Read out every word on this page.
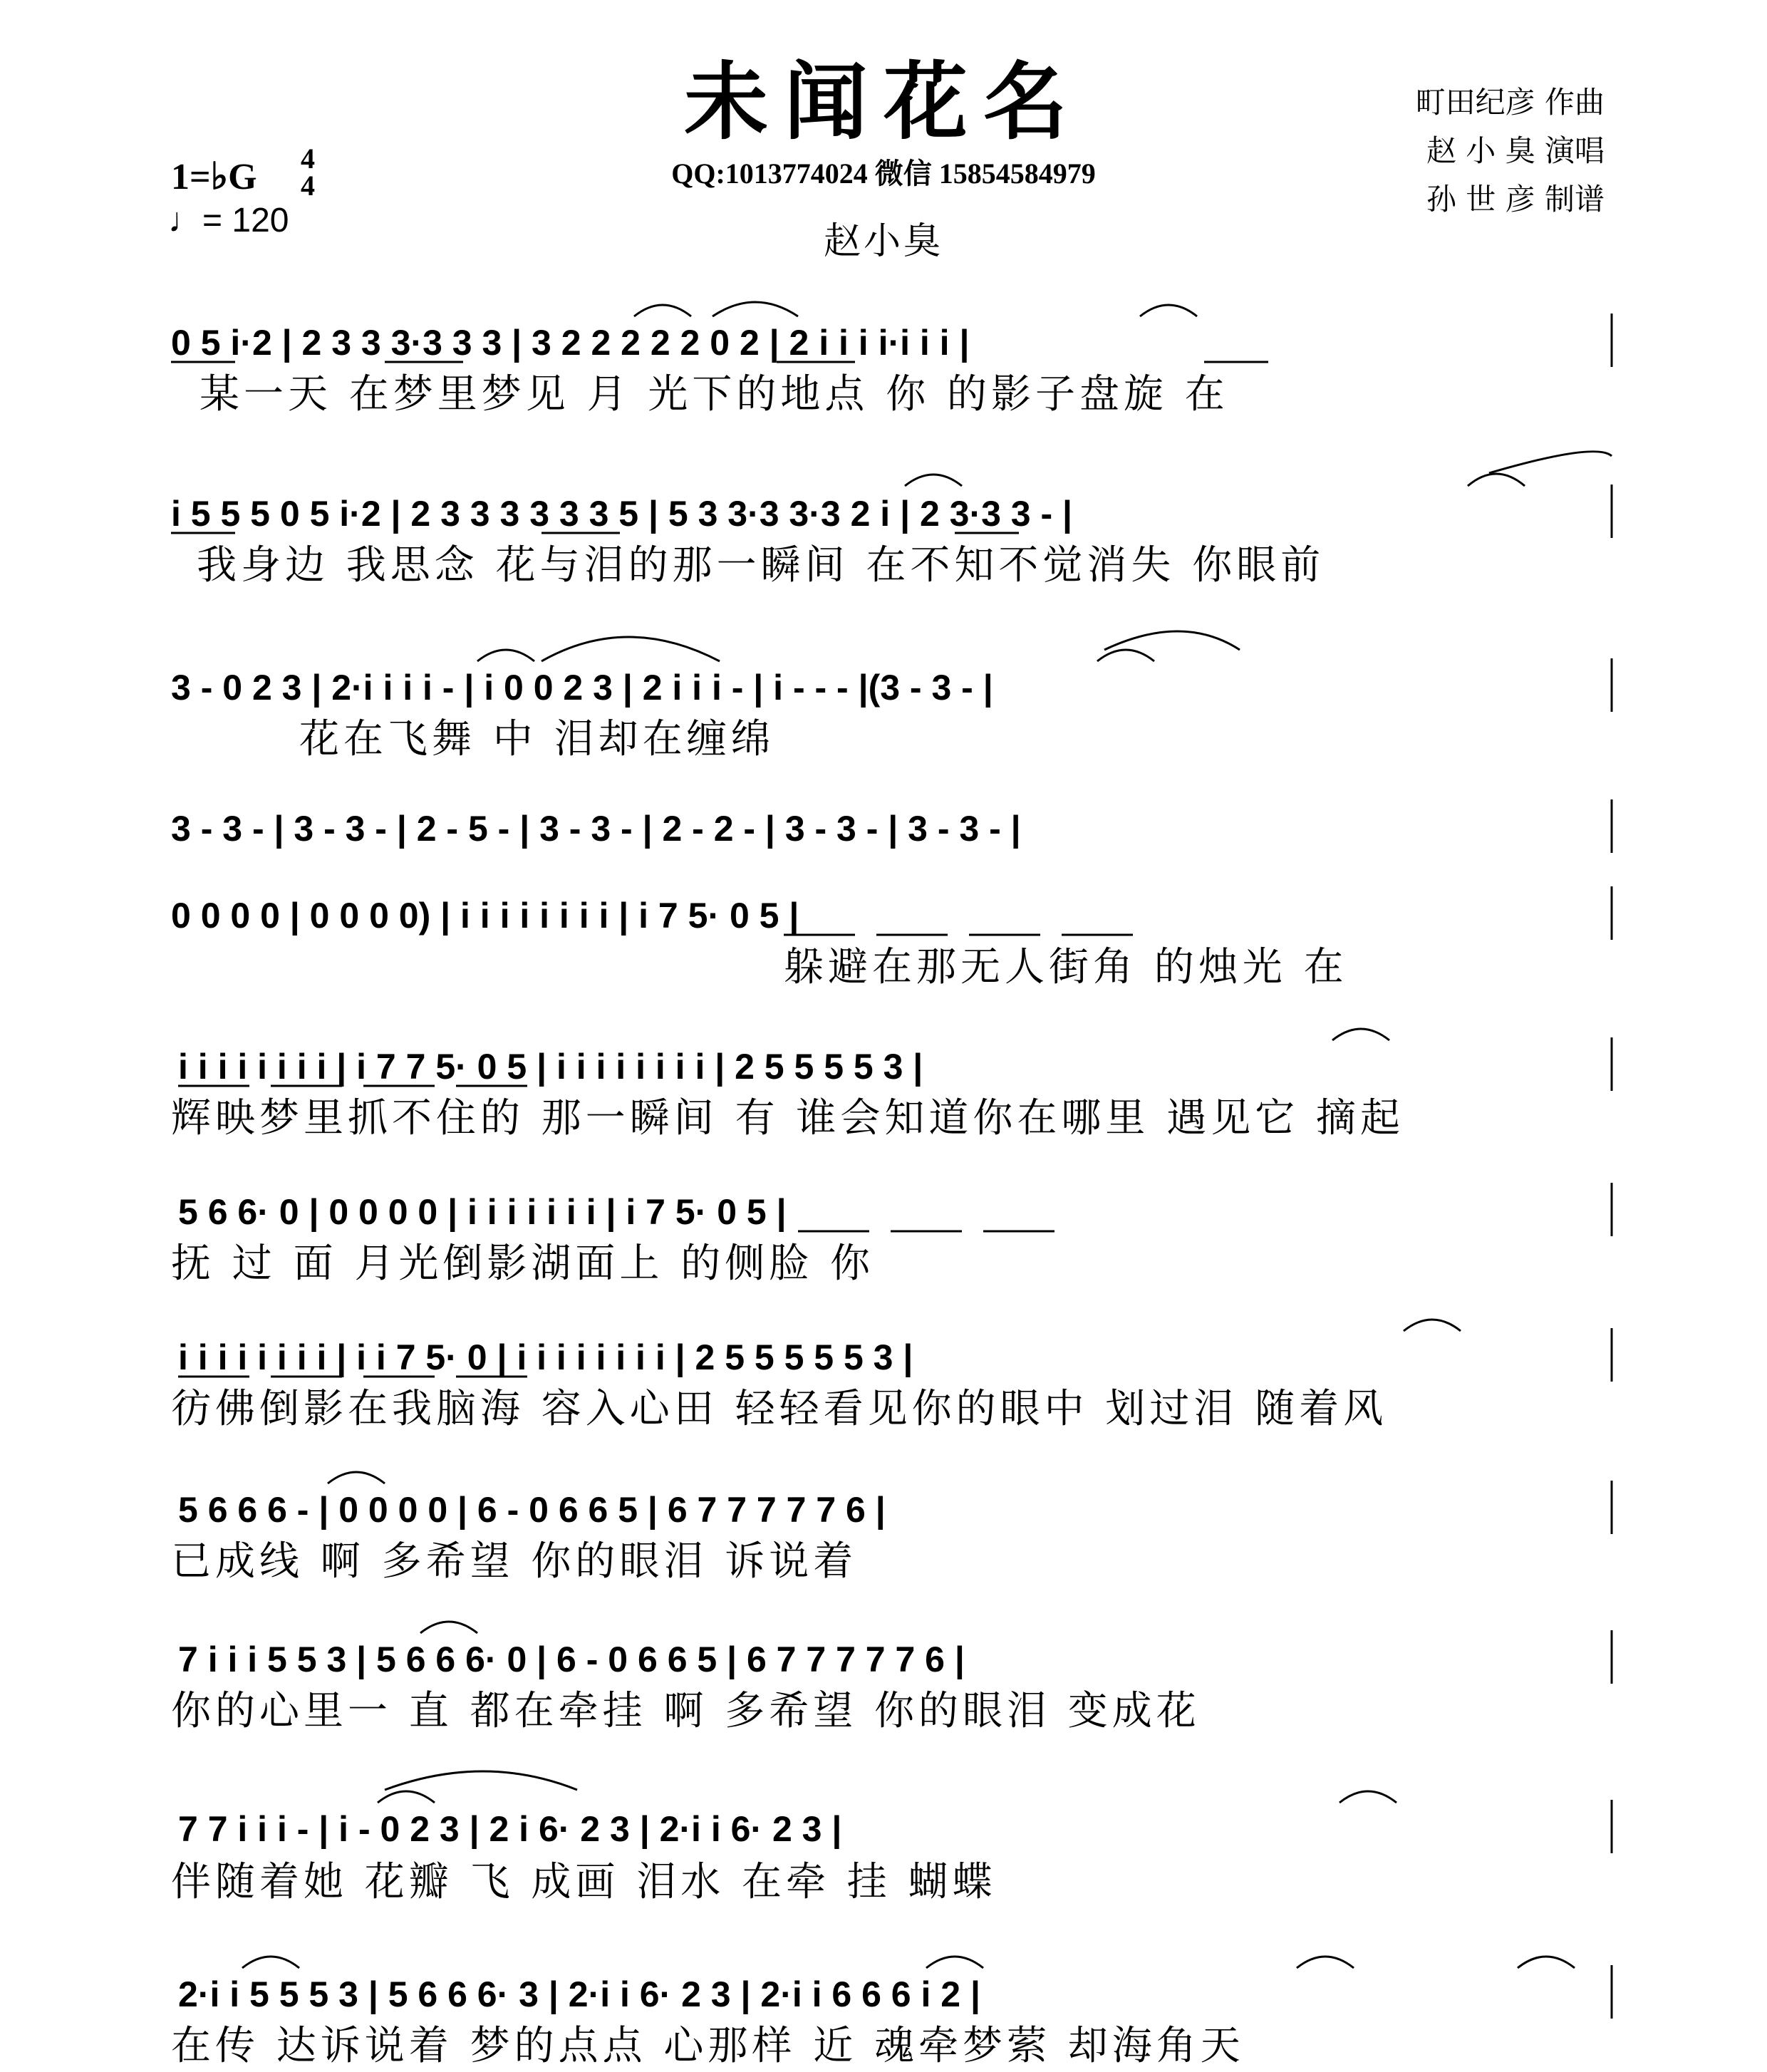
未闻花名
QQ:1013774024 微信 15854584979
赵小臭
町田纪彦 作曲
赵 小 臭 演唱
孙 世 彦 制谱
1=♭G 4
4
♩= 120
0 5 i·2 | 2 3 3 3·3 3 3 | 3 2 2 2 2 2 0 2 | 2 i i i i·i i i |
某一天 在梦里梦见 月 光下的地点 你 的影子盘旋 在
i 5 5 5 0 5 i·2 | 2 3 3 3 3 3 3 5 | 5 3 3·3 3·3 2 i | 2 3·3 3 - |
我身边 我思念 花与泪的那一瞬间 在不知不觉消失 你眼前
3 - 0 2 3 | 2·i i i i - | i 0 0 2 3 | 2 i i i - | i - - - |(3 - 3 - |
花在飞舞 中 泪却在缠绵
3 - 3 - | 3 - 3 - | 2 - 5 - | 3 - 3 - | 2 - 2 - | 3 - 3 - | 3 - 3 - |
0 0 0 0 | 0 0 0 0) | i i i i i i i i | i 7 5· 0 5 |
躲避在那无人街角 的烛光 在
i i i i i i i i | i 7 7 5· 0 5 | i i i i i i i i | 2 5 5 5 5 3 |
辉映梦里抓不住的 那一瞬间 有 谁会知道你在哪里 遇见它 摘起
5 6 6· 0 | 0 0 0 0 | i i i i i i i | i 7 5· 0 5 |
抚 过 面 月光倒影湖面上 的侧脸 你
i i i i i i i i | i i 7 5· 0 | i i i i i i i i | 2 5 5 5 5 5 3 |
彷佛倒影在我脑海 容入心田 轻轻看见你的眼中 划过泪 随着风
5 6 6 6 - | 0 0 0 0 | 6 - 0 6 6 5 | 6 7 7 7 7 7 6 |
已成线 啊 多希望 你的眼泪 诉说着
7 i i i 5 5 3 | 5 6 6 6· 0 | 6 - 0 6 6 5 | 6 7 7 7 7 7 6 |
你的心里一 直 都在牵挂 啊 多希望 你的眼泪 变成花
7 7 i i i - | i - 0 2 3 | 2 i 6· 2 3 | 2·i i 6· 2 3 |
伴随着她 花瓣 飞 成画 泪水 在牵 挂 蝴蝶
2·i i 5 5 5 3 | 5 6 6 6· 3 | 2·i i 6· 2 3 | 2·i i 6 6 6 i 2 |
在传 达诉说着 梦的点点 心那样 近 魂牵梦萦 却海角天
